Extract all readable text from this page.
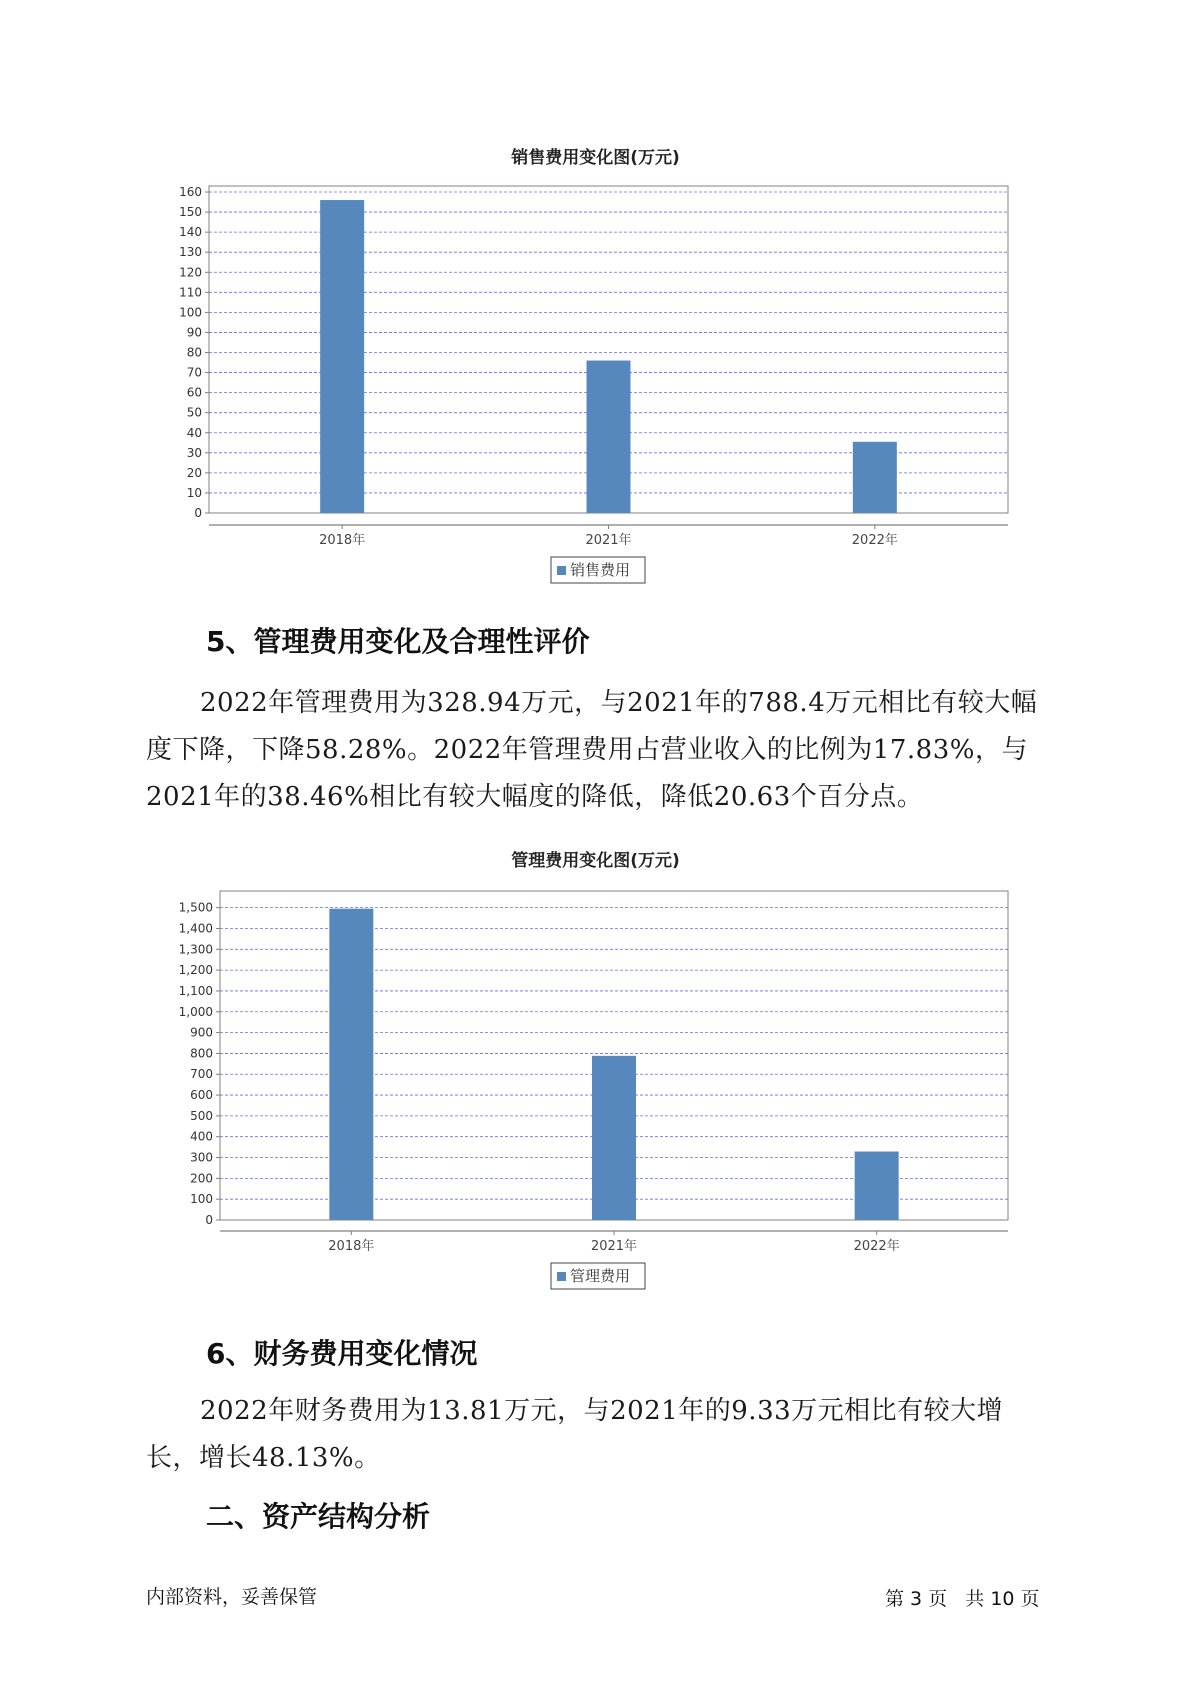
销售费用变化图(万元)
0
10
20
30
40
50
60
70
80
90
100
110
120
130
140
150
160
2018年	2021年	2022年
销售费用
5、管理费用变化及合理性评价

2022年管理费用为328.94万元，与2021年的788.4万元相比有较大幅度下降，下降58.28%。2022年管理费用占营业收入的比例为17.83%，与2021年的38.46%相比有较大幅度的降低，降低20.63个百分点。

管理费用变化图(万元)
0
100
200
300
400
500
600
700
800
900
1,000
1,100
1,200
1,300
1,400
1,500
2018年	2021年	2022年
管理费用
6、财务费用变化情况

2022年财务费用为13.81万元，与2021年的9.33万元相比有较大增长，增长48.13%。

二、资产结构分析
内部资料，妥善保管	第 3 页   共 10 页
